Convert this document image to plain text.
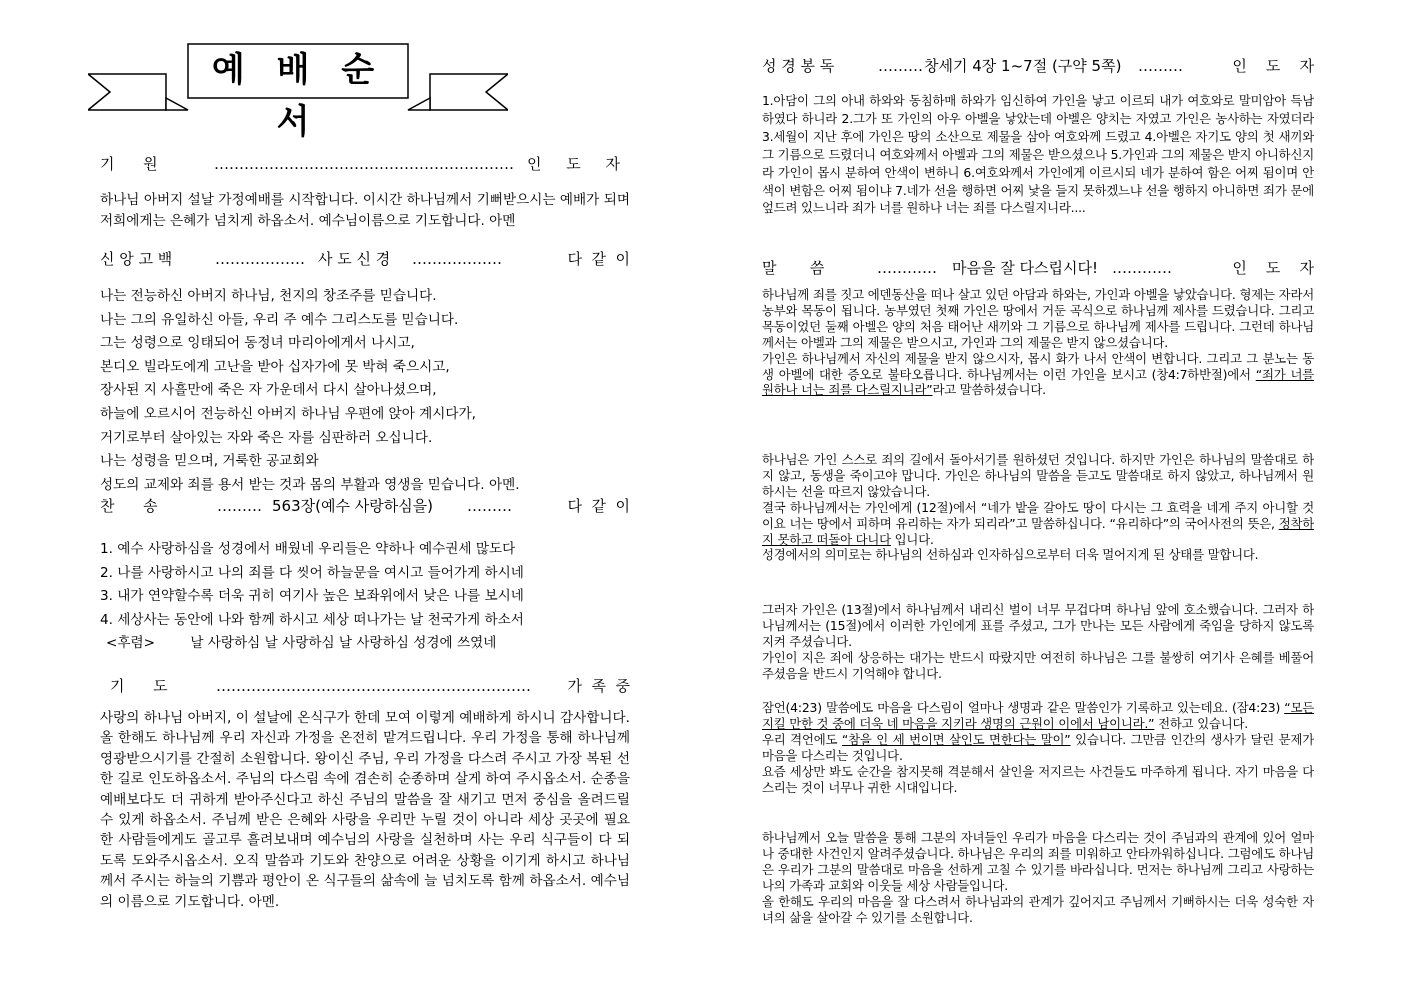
예 배 순 서
기      원	…………………………………………………… 인 도 자
하나님 아버지 설날 가정예배를 시작합니다. 이시간 하나님께서 기뻐받으시는 예배가 되며 저희에게는 은혜가 넘치게 하옵소서. 예수님이름으로 기도합니다. 아멘
신 앙 고 백	……………… 사 도 신 경 ………………	다  같  이
나는 전능하신 아버지 하나님, 천지의 창조주를 믿습니다.
나는 그의 유일하신 아들, 우리 주 예수 그리스도를 믿습니다.
그는 성령으로 잉태되어 동정녀 마리아에게서 나시고,
본디오 빌라도에게 고난을 받아 십자가에 못 박혀 죽으시고,
장사된 지 사흘만에 죽은 자 가운데서 다시 살아나셨으며,
하늘에 오르시어 전능하신 아버지 하나님 우편에 앉아 계시다가,
거기로부터 살아있는 자와 죽은 자를 심판하러 오십니다.
나는 성령을 믿으며, 거룩한 공교회와
성도의 교제와 죄를 용서 받는 것과 몸의 부활과 영생을 믿습니다. 아멘.
찬      송	……… 563장(예수 사랑하심을) ………	다  같  이
1. 예수 사랑하심을 성경에서 배웠네 우리들은 약하나 예수권세 많도다
2. 나를 사랑하시고 나의 죄를 다 씻어 하늘문을 여시고 들어가게 하시네
3. 내가 연약할수록 더욱 귀히 여기사 높은 보좌위에서 낮은 나를 보시네
4. 세상사는 동안에 나와 함께 하시고 세상 떠나가는 날 천국가게 하소서
<후렴>	날 사랑하심 날 사랑하심 날 사랑하심 성경에 쓰였네
기      도	……………………………………………………… 가  족  중
사랑의 하나님 아버지, 이 설날에 온식구가 한데 모여 이렇게 예배하게 하시니 감사합니다. 올 한해도 하나님께 우리 자신과 가정을 온전히 맡겨드립니다. 우리 가정을 통해 하나님께 영광받으시기를 간절히 소원합니다. 왕이신 주님, 우리 가정을 다스려 주시고 가장 복된 선한 길로 인도하옵소서. 주님의 다스림 속에 겸손히 순종하며 살게 하여 주시옵소서. 순종을 예배보다도 더 귀하게 받아주신다고 하신 주님의 말씀을 잘 새기고 먼저 중심을 올려드릴 수 있게 하옵소서. 주님께 받은 은혜와 사랑을 우리만 누릴 것이 아니라 세상 곳곳에 필요한 사람들에게도 골고루 흘려보내며 예수님의 사랑을 실천하며 사는 우리 식구들이 다 되도록 도와주시옵소서. 오직 말씀과 기도와 찬양으로 어려운 상황을 이기게 하시고 하나님께서 주시는 하늘의 기쁨과 평안이 온 식구들의 삶속에 늘 넘치도록 함께 하옵소서. 예수님의 이름으로 기도합니다. 아멘.
성 경 봉 독	……… 창세기 4장 1~7절 (구약 5쪽) ………	인    도    자
1.아담이 그의 아내 하와와 동침하매 하와가 임신하여 가인을 낳고 이르되 내가 여호와로 말미암아 득남하였다 하니라 2.그가 또 가인의 아우 아벨을 낳았는데 아벨은 양치는 자였고 가인은 농사하는 자였더라 3.세월이 지난 후에 가인은 땅의 소산으로 제물을 삼아 여호와께 드렸고 4.아벨은 자기도 양의 첫 새끼와 그 기름으로 드렸더니 여호와께서 아벨과 그의 제물은 받으셨으나 5.가인과 그의 제물은 받지 아니하신지라 가인이 몹시 분하여 안색이 변하니 6.여호와께서 가인에게 이르시되 네가 분하여 함은 어찌 됨이며 안색이 변함은 어찌 됨이냐 7.네가 선을 행하면 어찌 낯을 들지 못하겠느냐 선을 행하지 아니하면 죄가 문에 엎드려 있느니라 죄가 너를 원하나 너는 죄를 다스릴지니라....
말       씀	………… 마음을 잘 다스립시다! …………	인    도    자

하나님께 죄를 짓고 에덴동산을 떠나 살고 있던 아담과 하와는, 가인과 아벨을 낳았습니다. 형제는 자라서 농부와 목동이 됩니다. 농부였던 첫째 가인은 땅에서 거둔 곡식으로 하나님께 제사를 드렸습니다. 그리고 목동이었던 둘째 아벨은 양의 처음 태어난 새끼와 그 기름으로 하나님께 제사를 드립니다. 그런데 하나님께서는 아벨과 그의 제물은 받으시고, 가인과 그의 제물은 받지 않으셨습니다.

가인은 하나님께서 자신의 제물을 받지 않으시자, 몹시 화가 나서 안색이 변합니다. 그리고 그 분노는 동생 아벨에 대한 증오로 불타오릅니다. 하나님께서는 이런 가인을 보시고 (창4:7하반절)에서 “죄가 너를 원하나 너는 죄를 다스릴지니라”라고 말씀하셨습니다.

하나님은 가인 스스로 죄의 길에서 돌아서기를 원하셨던 것입니다. 하지만 가인은 하나님의 말씀대로 하지 않고, 동생을 죽이고야 맙니다. 가인은 하나님의 말씀을 듣고도 말씀대로 하지 않았고, 하나님께서 원하시는 선을 따르지 않았습니다.

결국 하나님께서는 가인에게 (12절)에서 “네가 밭을 갈아도 땅이 다시는 그 효력을 네게 주지 아니할 것이요 너는 땅에서 피하며 유리하는 자가 되리라”고 말씀하십니다. “유리하다”의 국어사전의 뜻은, 정착하지 못하고 떠돌아 다니다 입니다.

성경에서의 의미로는 하나님의 선하심과 인자하심으로부터 더욱 멀어지게 된 상태를 말합니다.

그러자 가인은 (13절)에서 하나님께서 내리신 벌이 너무 무겁다며 하나님 앞에 호소했습니다. 그러자 하나님께서는 (15절)에서 이러한 가인에게 표를 주셨고, 그가 만나는 모든 사람에게 죽임을 당하지 않도록 지켜 주셨습니다.

가인이 지은 죄에 상응하는 대가는 반드시 따랐지만 여전히 하나님은 그를 불쌍히 여기사 은혜를 베풀어주셨음을 반드시 기억해야 합니다.

잠언(4:23) 말씀에도 마음을 다스림이 얼마나 생명과 같은 말씀인가 기록하고 있는데요. (잠4:23) “모든 지킬 만한 것 중에 더욱 네 마음을 지키라 생명의 근원이 이에서 남이니라.” 전하고 있습니다.

우리 격언에도 “참을 인 세 번이면 살인도 면한다는 말이” 있습니다. 그만큼 인간의 생사가 달린 문제가 마음을 다스리는 것입니다.

요즘 세상만 봐도 순간을 참지못해 격분해서 살인을 저지르는 사건들도 마주하게 됩니다. 자기 마음을 다스리는 것이 너무나 귀한 시대입니다.

하나님께서 오늘 말씀을 통해 그분의 자녀들인 우리가 마음을 다스리는 것이 주님과의 관계에 있어 얼마나 중대한 사건인지 알려주셨습니다. 하나님은 우리의 죄를 미워하고 안타까워하십니다. 그럼에도 하나님은 우리가 그분의 말씀대로 마음을 선하게 고칠 수 있기를 바라십니다. 먼저는 하나님께 그리고 사랑하는 나의 가족과 교회와 이웃들 세상 사람들입니다.

올 한해도 우리의 마음을 잘 다스려서 하나님과의 관계가 깊어지고 주님께서 기뻐하시는 더욱 성숙한 자녀의 삶을 살아갈 수 있기를 소원합니다.
